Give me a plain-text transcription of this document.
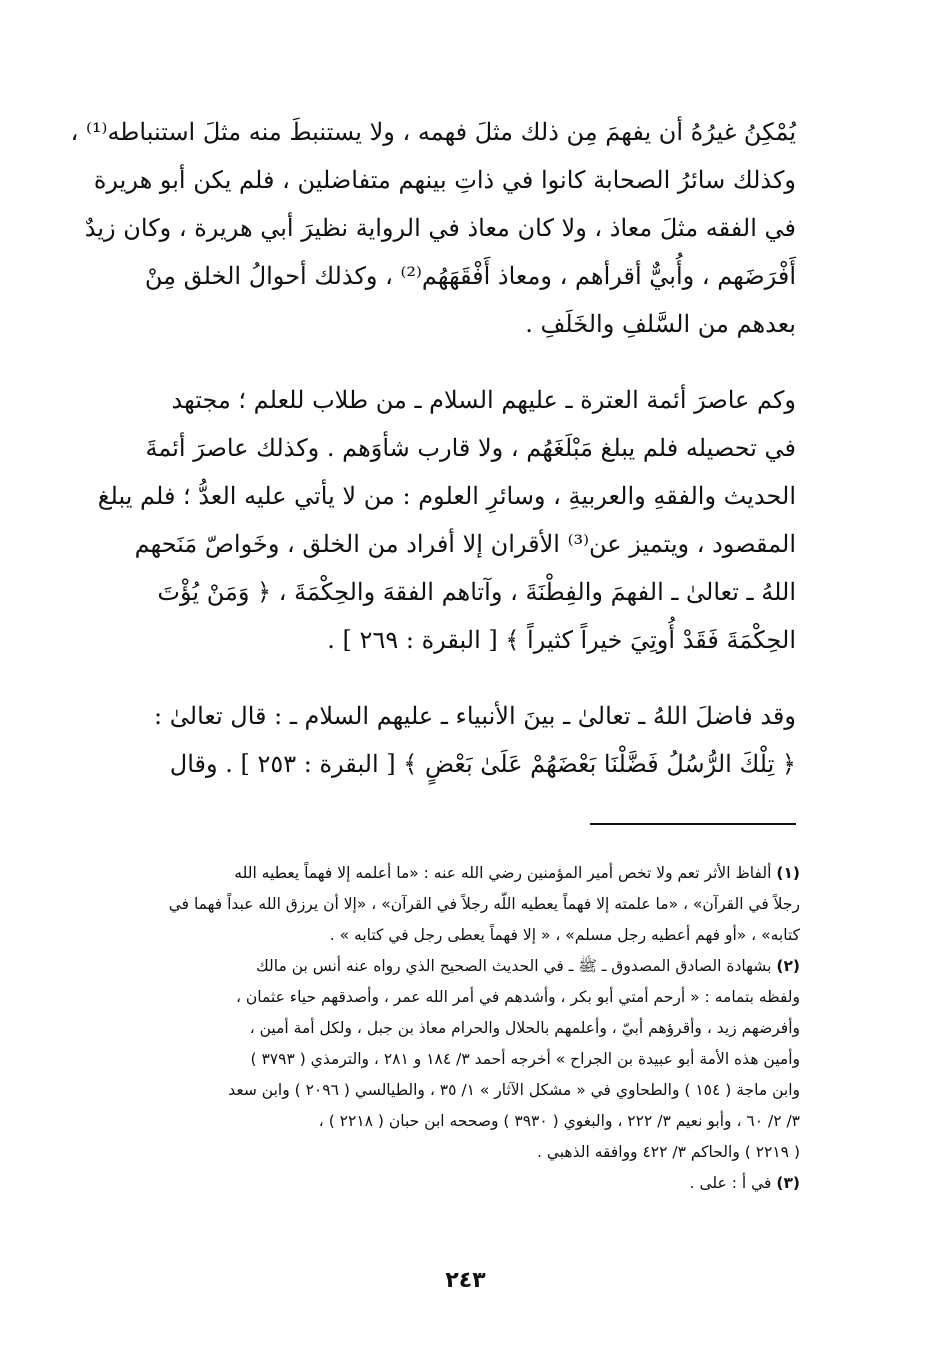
يُمْكِنُ غيرُهُ أن يفهمَ مِن ذلك مثلَ فهمه ، ولا يستنبطَ منه مثلَ استنباطه⁽¹⁾ ،
وكذلك سائرُ الصحابة كانوا في ذاتِ بينهم متفاضلين ، فلم يكن أبو هريرة
في الفقه مثلَ معاذ ، ولا كان معاذ في الرواية نظيرَ أبي هريرة ، وكان زيدٌ
أَفْرَضَهم ، وأُبيٌّ أقرأهم ، ومعاذ أَفْقَهَهُم⁽²⁾ ، وكذلك أحوالُ الخلق مِنْ
بعدهم من السَّلفِ والخَلَفِ .
وكم عاصرَ أئمة العترة ـ عليهم السلام ـ من طلاب للعلم ؛ مجتهد
في تحصيله فلم يبلغ مَبْلَغَهُم ، ولا قارب شأوَهم . وكذلك عاصرَ أئمةَ
الحديث والفقهِ والعربيةِ ، وسائرِ العلوم : من لا يأتي عليه العدُّ ؛ فلم يبلغ
المقصود ، ويتميز عن⁽³⁾ الأقران إلا أفراد من الخلق ، وخَواصّ مَنَحهم
اللهُ ـ تعالىٰ ـ الفهمَ والفِطْنَةَ ، وآتاهم الفقهَ والحِكْمَةَ ، ﴿ وَمَنْ يُؤْتَ
الحِكْمَةَ فَقَدْ أُوتِيَ خيراً كثيراً ﴾ [ البقرة : ٢٦٩ ] .
وقد فاضلَ اللهُ ـ تعالىٰ ـ بينَ الأنبياء ـ عليهم السلام ـ : قال تعالىٰ :
﴿ تِلْكَ الرُّسُلُ فَضَّلْنَا بَعْضَهُمْ عَلَىٰ بَعْضٍ ﴾ [ البقرة : ٢٥٣ ] . وقال
(١) ألفاظ الأثر تعم ولا تخص أمير المؤمنين رضي الله عنه : «ما أعلمه إلا فهماً يعطيه الله
رجلاً في القرآن» ، «ما علمته إلا فهماً يعطيه اللّه رجلاً في القرآن» ، «إلا أن يرزق الله عبداً فهما في
كتابه» ، «أو فهم أعطيه رجل مسلم» ، « إلا فهماً يعطى رجل في كتابه » .
(٢) بشهادة الصادق المصدوق ـ ﷺ ـ في الحديث الصحيح الذي رواه عنه أنس بن مالك
ولفظه بتمامه : « أرحم أمتي أبو بكر ، وأشدهم في أمر الله عمر ، وأصدقهم حياء عثمان ،
وأفرضهم زيد ، وأقرؤهم أبيّ ، وأعلمهم بالحلال والحرام معاذ بن جبل ، ولكل أمة أمين ،
وأمين هذه الأمة أبو عبيدة بن الجراح » أخرجه أحمد ٣/ ١٨٤ و ٢٨١ ، والترمذي ( ٣٧٩٣ )
وابن ماجة ( ١٥٤ ) والطحاوي في « مشكل الآثار » ١/ ٣٥ ، والطيالسي ( ٢٠٩٦ ) وابن سعد
٣/ ٢/ ٦٠ ، وأبو نعيم ٣/ ٢٢٢ ، والبغوي ( ٣٩٣٠ ) وصححه ابن حبان ( ٢٢١٨ ) ،
( ٢٢١٩ ) والحاكم ٣/ ٤٢٢ ووافقه الذهبي .
(٣) في أ : على .
٢٤٣
